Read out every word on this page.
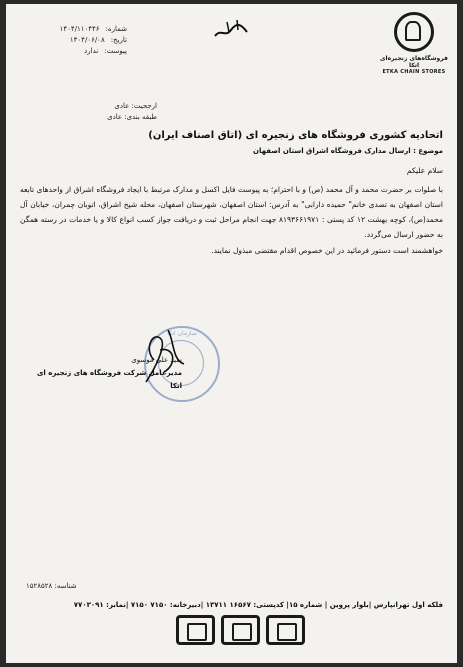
فروشگاه‌های زنجیره‌ای اتکا
ETKA CHAIN STORES
شماره:
۱۴۰۴/۱۱۰۴۴۶
تاریخ:
۱۴۰۴/۰۶/۰۸
پیوست:
ندارد
ارجحیت: عادی
طبقه بندی: عادی
اتحادیه کشوری فروشگاه های زنجیره ای (اتاق اصناف ایران)
موضوع : ارسال مدارک فروشگاه اشراق استان اصفهان
سلام علیکم
با صلوات بر حضرت محمد و آل محمد (ص) و با احترام؛ به پیوست فایل اکسل و مدارک مرتبط با ایجاد فروشگاه اشراق از واحدهای تابعه استان اصفهان به تصدی خانم" حمیده دارابی" به آدرس: استان اصفهان، شهرستان اصفهان، محله شیخ اشراق، اتوبان چمران، خیابان آل محمد(ص)، کوچه بهشت ۱۲ کد پستی : ۸۱۹۳۶۶۱۹۷۱ جهت انجام مراحل ثبت و دریافت جواز کسب انواع کالا و یا خدمات در رسته همگن به حضور ارسال می‌گردد.
خواهشمند است دستور فرمائید در این خصوص اقدام مقتضی مبذول نمایند.
سازمان اتکا
سید علی موسوی
مدیرعامل شرکت فروشگاه های زنجیره ای اتکا
شناسه: ۱۵۲۸۵۲۸
فلکه اول تهرانپارس |بلوار پروین | شماره ۱۵| کدپستی: ۱۶۵۶۷ ۱۳۷۱۱ |دبیرخانه: ۷۱۵۰ ۷۱۵۰ |نمابر: ۷۷۰۳۰۹۱
